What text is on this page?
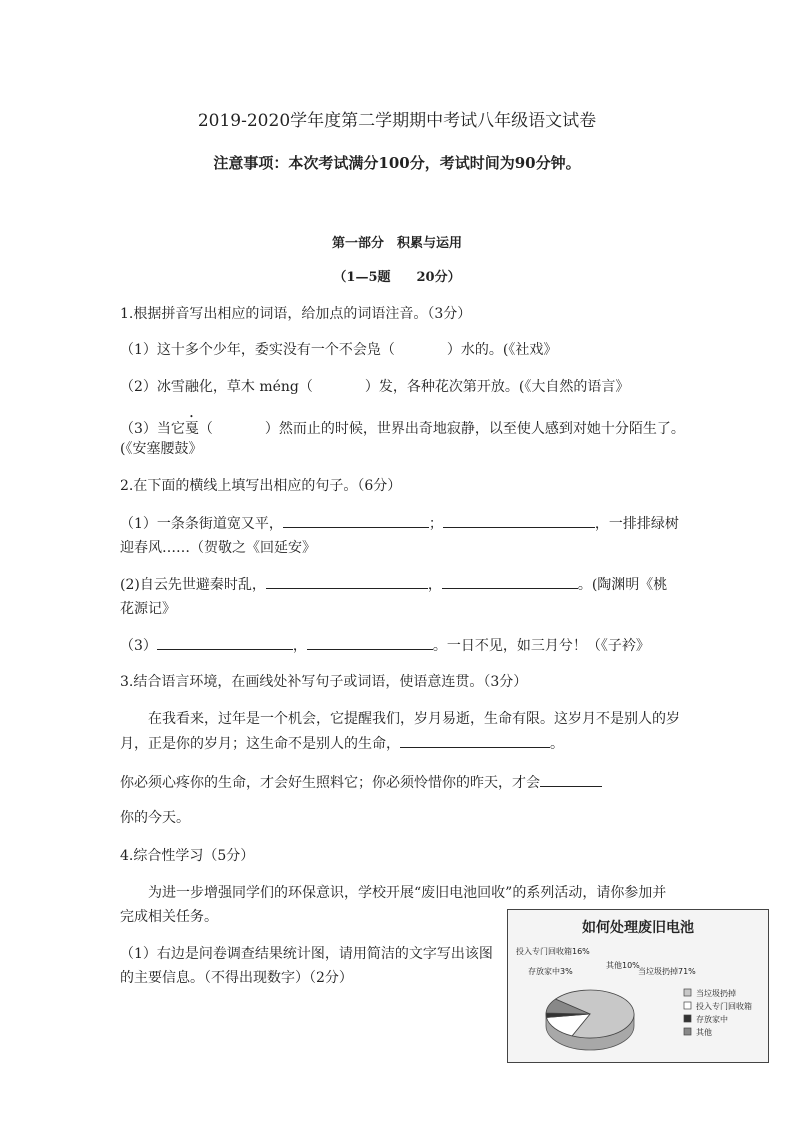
2019-2020学年度第二学期期中考试八年级语文试卷
注意事项：本次考试满分100分，考试时间为90分钟。
第一部分　积累与运用
（1—5题　　20分）
1.根据拼音写出相应的词语，给加点的词语注音。（3分）
（1）这十多个少年，委实没有一个不会凫（	）水的。(《社戏》
（2）冰雪融化，草木 méng（	）发，各种花次第开放。(《大自然的语言》
（3）当它戛（	）然而止的时候，世界出奇地寂静，以至使人感到对她十分陌生了。
(《安塞腰鼓》
2.在下面的横线上填写出相应的句子。（6分）
（1）一条条街道宽又平，	；	，一排排绿树
迎春风……（贺敬之《回延安》
(2)自云先世避秦时乱，	，	。(陶渊明《桃
花源记》
（3）	，	。一日不见，如三月兮！（《子衿》
3.结合语言环境，在画线处补写句子或词语，使语意连贯。（3分）
在我看来，过年是一个机会，它提醒我们，岁月易逝，生命有限。这岁月不是别人的岁
月，正是你的岁月；这生命不是别人的生命，	。
你必须心疼你的生命，才会好生照料它；你必须怜惜你的昨天，才会
你的今天。
4.综合性学习（5分）
为进一步增强同学们的环保意识，学校开展“废旧电池回收”的系列活动，请你参加并
完成相关任务。
（1）右边是问卷调查结果统计图，请用简洁的文字写出该图
的主要信息。（不得出现数字）（2分）
如何处理废旧电池
当垃圾扔掉71%
投入专门回收箱16%
存放家中3%
其他10%
当垃圾扔掉
投入专门回收箱
存放家中
其他
